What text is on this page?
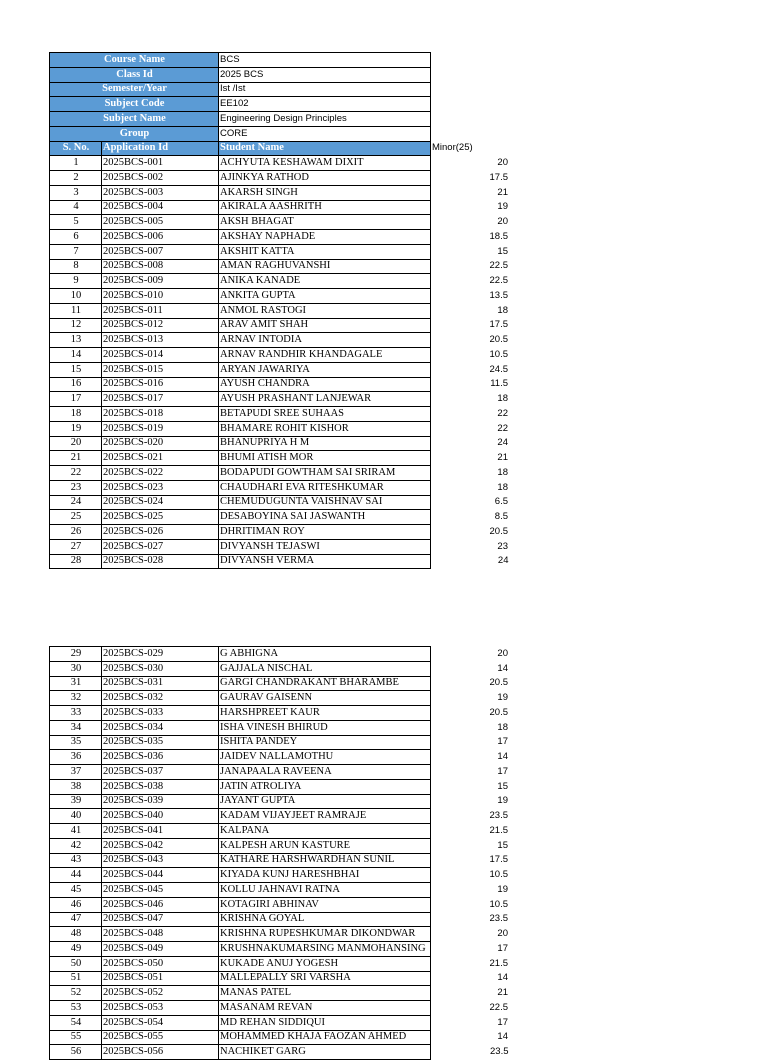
Course Name		BCS	
Class Id		2025 BCS	
Semester/Year		Ist /Ist	
Subject Code		EE102	
Subject Name		Engineering Design Principles	
Group		CORE	
S. No.	Application Id	Student Name	Minor(25)
1	2025BCS-001	ACHYUTA KESHAWAM DIXIT	20
2	2025BCS-002	AJINKYA RATHOD	17.5
3	2025BCS-003	AKARSH SINGH	21
4	2025BCS-004	AKIRALA AASHRITH	19
5	2025BCS-005	AKSH BHAGAT	20
6	2025BCS-006	AKSHAY NAPHADE	18.5
7	2025BCS-007	AKSHIT KATTA	15
8	2025BCS-008	AMAN RAGHUVANSHI	22.5
9	2025BCS-009	ANIKA KANADE	22.5
10	2025BCS-010	ANKITA GUPTA	13.5
11	2025BCS-011	ANMOL RASTOGI	18
12	2025BCS-012	ARAV AMIT SHAH	17.5
13	2025BCS-013	ARNAV INTODIA	20.5
14	2025BCS-014	ARNAV RANDHIR KHANDAGALE	10.5
15	2025BCS-015	ARYAN JAWARIYA	24.5
16	2025BCS-016	AYUSH CHANDRA	11.5
17	2025BCS-017	AYUSH PRASHANT LANJEWAR	18
18	2025BCS-018	BETAPUDI SREE SUHAAS	22
19	2025BCS-019	BHAMARE ROHIT KISHOR	22
20	2025BCS-020	BHANUPRIYA H M	24
21	2025BCS-021	BHUMI ATISH MOR	21
22	2025BCS-022	BODAPUDI GOWTHAM SAI SRIRAM	18
23	2025BCS-023	CHAUDHARI EVA RITESHKUMAR	18
24	2025BCS-024	CHEMUDUGUNTA VAISHNAV SAI	6.5
25	2025BCS-025	DESABOYINA SAI JASWANTH	8.5
26	2025BCS-026	DHRITIMAN ROY	20.5
27	2025BCS-027	DIVYANSH TEJASWI	23
28	2025BCS-028	DIVYANSH VERMA	24
29	2025BCS-029	G ABHIGNA	20
30	2025BCS-030	GAJJALA NISCHAL	14
31	2025BCS-031	GARGI CHANDRAKANT BHARAMBE	20.5
32	2025BCS-032	GAURAV GAISENN	19
33	2025BCS-033	HARSHPREET KAUR	20.5
34	2025BCS-034	ISHA VINESH BHIRUD	18
35	2025BCS-035	ISHITA PANDEY	17
36	2025BCS-036	JAIDEV NALLAMOTHU	14
37	2025BCS-037	JANAPAALA RAVEENA	17
38	2025BCS-038	JATIN ATROLIYA	15
39	2025BCS-039	JAYANT GUPTA	19
40	2025BCS-040	KADAM VIJAYJEET RAMRAJE	23.5
41	2025BCS-041	KALPANA	21.5
42	2025BCS-042	KALPESH ARUN KASTURE	15
43	2025BCS-043	KATHARE HARSHWARDHAN SUNIL	17.5
44	2025BCS-044	KIYADA KUNJ HARESHBHAI	10.5
45	2025BCS-045	KOLLU JAHNAVI RATNA	19
46	2025BCS-046	KOTAGIRI ABHINAV	10.5
47	2025BCS-047	KRISHNA GOYAL	23.5
48	2025BCS-048	KRISHNA RUPESHKUMAR DIKONDWAR	20
49	2025BCS-049	KRUSHNAKUMARSING MANMOHANSING	17
50	2025BCS-050	KUKADE ANUJ YOGESH	21.5
51	2025BCS-051	MALLEPALLY SRI VARSHA	14
52	2025BCS-052	MANAS PATEL	21
53	2025BCS-053	MASANAM REVAN	22.5
54	2025BCS-054	MD REHAN SIDDIQUI	17
55	2025BCS-055	MOHAMMED KHAJA FAOZAN AHMED	14
56	2025BCS-056	NACHIKET GARG	23.5
